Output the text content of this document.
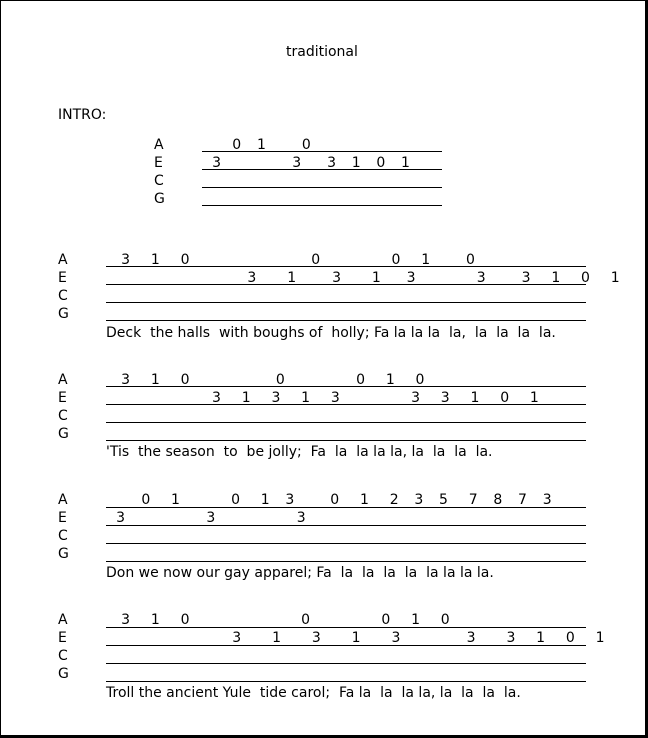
traditional
INTRO:
A
E
C
G
0   1       0
3              3     3   1   0   1
A
E
C
G
3    1    0                        0              0    1       0
3      1       3      1     3            3       3    1    0    1
Deck  the halls  with boughs of  holly; Fa la la la  la,  la  la  la  la.
A
E
C
G
3    1    0                 0              0    1    0
3    1    3    1    3              3    3    1    0    1
'Tis  the season  to  be jolly;  Fa  la  la la la, la  la  la  la.
A
E
C
G
0    1          0    1   3       0    1    2   3   5    7   8   7   3
3                3                3
Don we now our gay apparel; Fa  la  la  la  la  la la la la.
A
E
C
G
3    1    0                      0              0    1    0
3      1      3      1      3             3      3    1    0    1
Troll the ancient Yule  tide carol;  Fa la  la  la la, la  la  la  la.
